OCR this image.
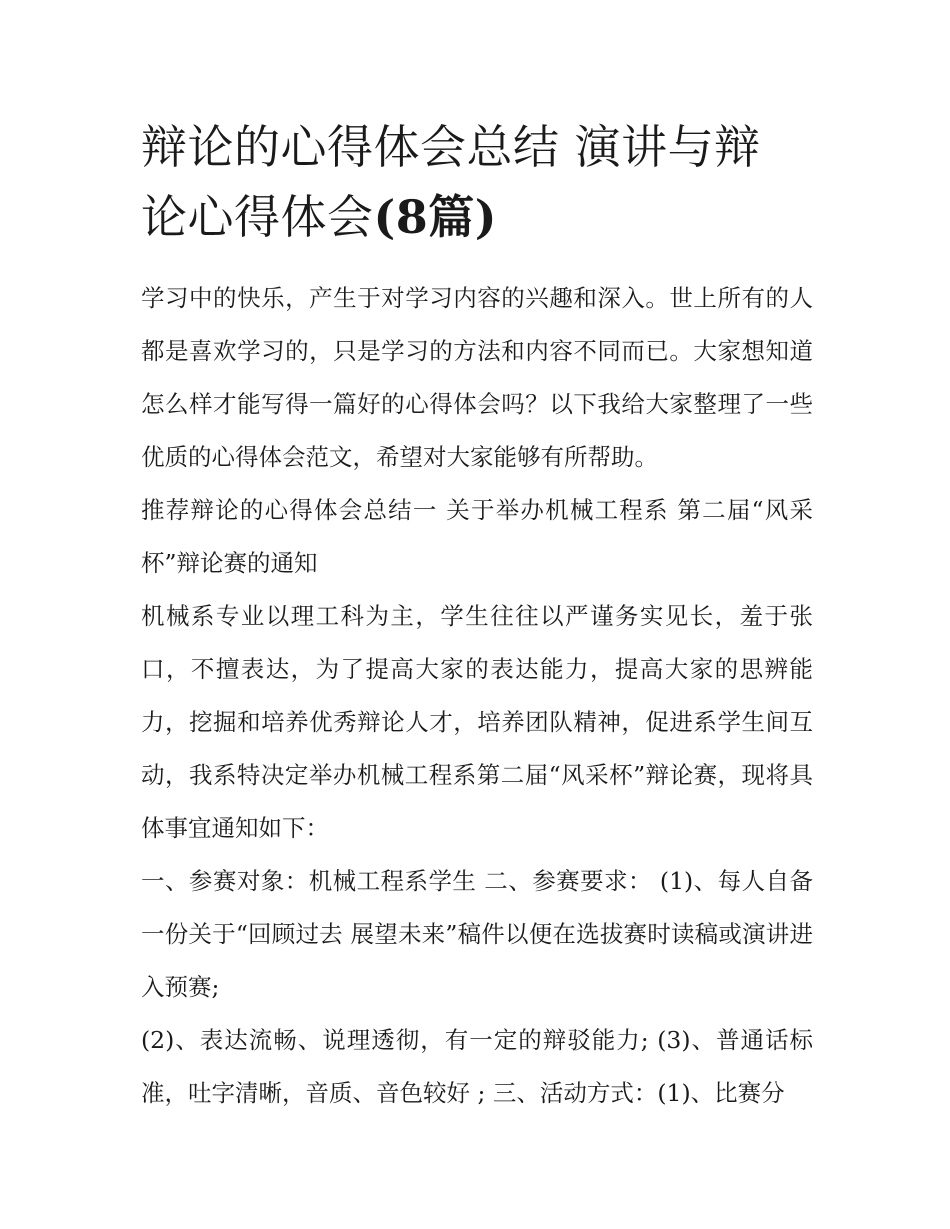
辩论的心得体会总结 演讲与辩
论心得体会(8篇)

学习中的快乐，产生于对学习内容的兴趣和深入。世上所有的人都是喜欢学习的，只是学习的方法和内容不同而已。大家想知道怎么样才能写得一篇好的心得体会吗？以下我给大家整理了一些优质的心得体会范文，希望对大家能够有所帮助。

推荐辩论的心得体会总结一 关于举办机械工程系 第二届“风采杯”辩论赛的通知

机械系专业以理工科为主，学生往往以严谨务实见长，羞于张口，不擅表达，为了提高大家的表达能力，提高大家的思辨能力，挖掘和培养优秀辩论人才，培养团队精神，促进系学生间互动，我系特决定举办机械工程系第二届“风采杯”辩论赛，现将具体事宜通知如下：

一、参赛对象：机械工程系学生 二、参赛要求： (1)、每人自备一份关于“回顾过去 展望未来”稿件以便在选拔赛时读稿或演讲进入预赛;

(2)、表达流畅、说理透彻，有一定的辩驳能力; (3)、普通话标准，吐字清晰，音质、音色较好 ; 三、活动方式：(1)、比赛分
